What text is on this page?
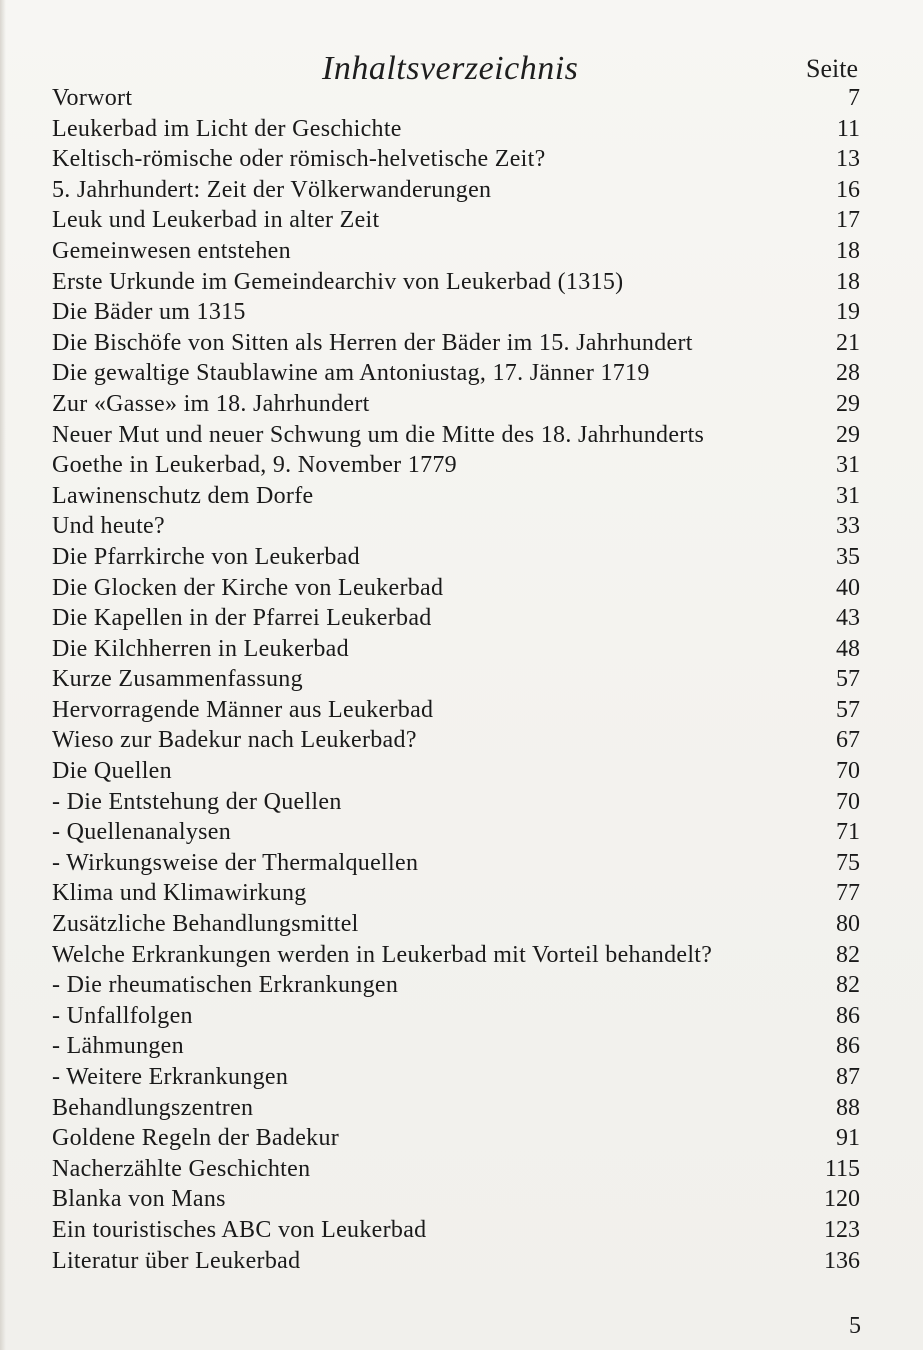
Inhaltsverzeichnis	Seite
Vorwort	7
Leukerbad im Licht der Geschichte	11
Keltisch-römische oder römisch-helvetische Zeit?	13
5. Jahrhundert: Zeit der Völkerwanderungen	16
Leuk und Leukerbad in alter Zeit	17
Gemeinwesen entstehen	18
Erste Urkunde im Gemeindearchiv von Leukerbad (1315)	18
Die Bäder um 1315	19
Die Bischöfe von Sitten als Herren der Bäder im 15. Jahrhundert	21
Die gewaltige Staublawine am Antoniustag, 17. Jänner 1719	28
Zur «Gasse» im 18. Jahrhundert	29
Neuer Mut und neuer Schwung um die Mitte des 18. Jahrhunderts	29
Goethe in Leukerbad, 9. November 1779	31
Lawinenschutz dem Dorfe	31
Und heute?	33
Die Pfarrkirche von Leukerbad	35
Die Glocken der Kirche von Leukerbad	40
Die Kapellen in der Pfarrei Leukerbad	43
Die Kilchherren in Leukerbad	48
Kurze Zusammenfassung	57
Hervorragende Männer aus Leukerbad	57
Wieso zur Badekur nach Leukerbad?	67
Die Quellen	70
- Die Entstehung der Quellen	70
- Quellenanalysen	71
- Wirkungsweise der Thermalquellen	75
Klima und Klimawirkung	77
Zusätzliche Behandlungsmittel	80
Welche Erkrankungen werden in Leukerbad mit Vorteil behandelt?	82
- Die rheumatischen Erkrankungen	82
- Unfallfolgen	86
- Lähmungen	86
- Weitere Erkrankungen	87
Behandlungszentren	88
Goldene Regeln der Badekur	91
Nacherzählte Geschichten	115
Blanka von Mans	120
Ein touristisches ABC von Leukerbad	123
Literatur über Leukerbad	136
5
